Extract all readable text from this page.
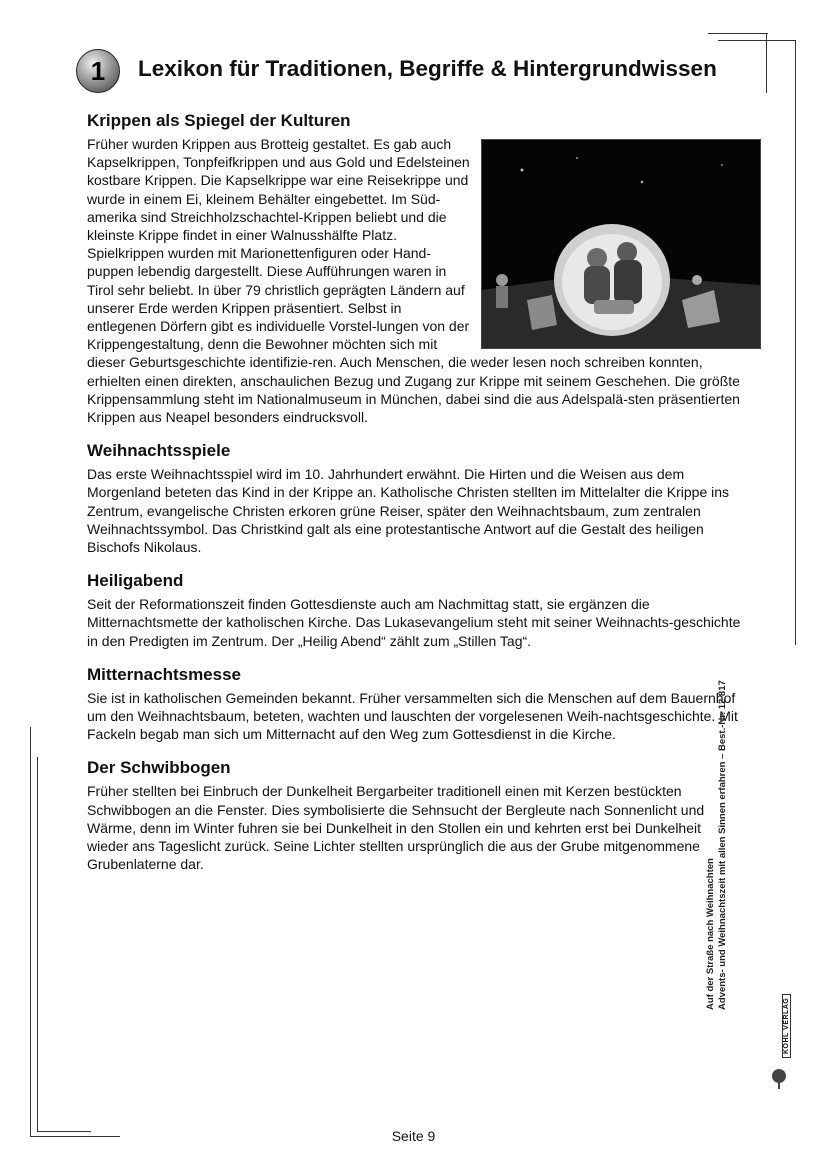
1 Lexikon für Traditionen, Begriffe & Hintergrundwissen
Krippen als Spiegel der Kulturen

Früher wurden Krippen aus Brotteig gestaltet. Es gab auch Kapselkrippen, Tonpfeifkrippen und aus Gold und Edelsteinen kostbare Krippen. Die Kapselkrippe war eine Reisekrippe und wurde in einem Ei, kleinem Behälter eingebettet. Im Süd-amerika sind Streichholzschachtel-Krippen beliebt und die kleinste Krippe findet in einer Walnusshälfte Platz. Spielkrippen wurden mit Marionettenfiguren oder Hand-puppen lebendig dargestellt. Diese Aufführungen waren in Tirol sehr beliebt. In über 79 christlich geprägten Ländern auf unserer Erde werden Krippen präsentiert. Selbst in entlegenen Dörfern gibt es individuelle Vorstel-lungen von der Krippengestaltung, denn die Bewohner möchten sich mit dieser Geburtsgeschichte identifizie-ren. Auch Menschen, die weder lesen noch schreiben konnten, erhielten einen direkten, anschaulichen Bezug und Zugang zur Krippe mit seinem Geschehen. Die größte Krippensammlung steht im Nationalmuseum in München, dabei sind die aus Adelspalä-sten präsentierten Krippen aus Neapel besonders eindrucksvoll.

Weihnachtsspiele

Das erste Weihnachtsspiel wird im 10. Jahrhundert erwähnt. Die Hirten und die Weisen aus dem Morgenland beteten das Kind in der Krippe an. Katholische Christen stellten im Mittelalter die Krippe ins Zentrum, evangelische Christen erkoren grüne Reiser, später den Weihnachtsbaum, zum zentralen Weihnachtssymbol. Das Christkind galt als eine protestantische Antwort auf die Gestalt des heiligen Bischofs Nikolaus.

Heiligabend

Seit der Reformationszeit finden Gottesdienste auch am Nachmittag statt, sie ergänzen die Mitternachtsmette der katholischen Kirche. Das Lukasevangelium steht mit seiner Weihnachts-geschichte in den Predigten im Zentrum. Der „Heilig Abend“ zählt zum „Stillen Tag“.

Mitternachtsmesse

Sie ist in katholischen Gemeinden bekannt. Früher versammelten sich die Menschen auf dem Bauernhof um den Weihnachtsbaum, beteten, wachten und lauschten der vorgelesenen Weih-nachtsgeschichte. Mit Fackeln begab man sich um Mitternacht auf den Weg zum Gottesdienst in die Kirche.

Der Schwibbogen

Früher stellten bei Einbruch der Dunkelheit Bergarbeiter traditionell einen mit Kerzen bestückten Schwibbogen an die Fenster. Dies symbolisierte die Sehnsucht der Bergleute nach Sonnenlicht und Wärme, denn im Winter fuhren sie bei Dunkelheit in den Stollen ein und kehrten erst bei Dunkelheit wieder ans Tageslicht zurück. Seine Lichter stellten ursprünglich die aus der Grube mitgenommene Grubenlaterne dar.	Auf der Straße nach Weihnachten Advents- und Weihnachtszeit mit allen Sinnen erfahren – Best.-Nr. 12 817
KOHL VERLAG
Seite 9
